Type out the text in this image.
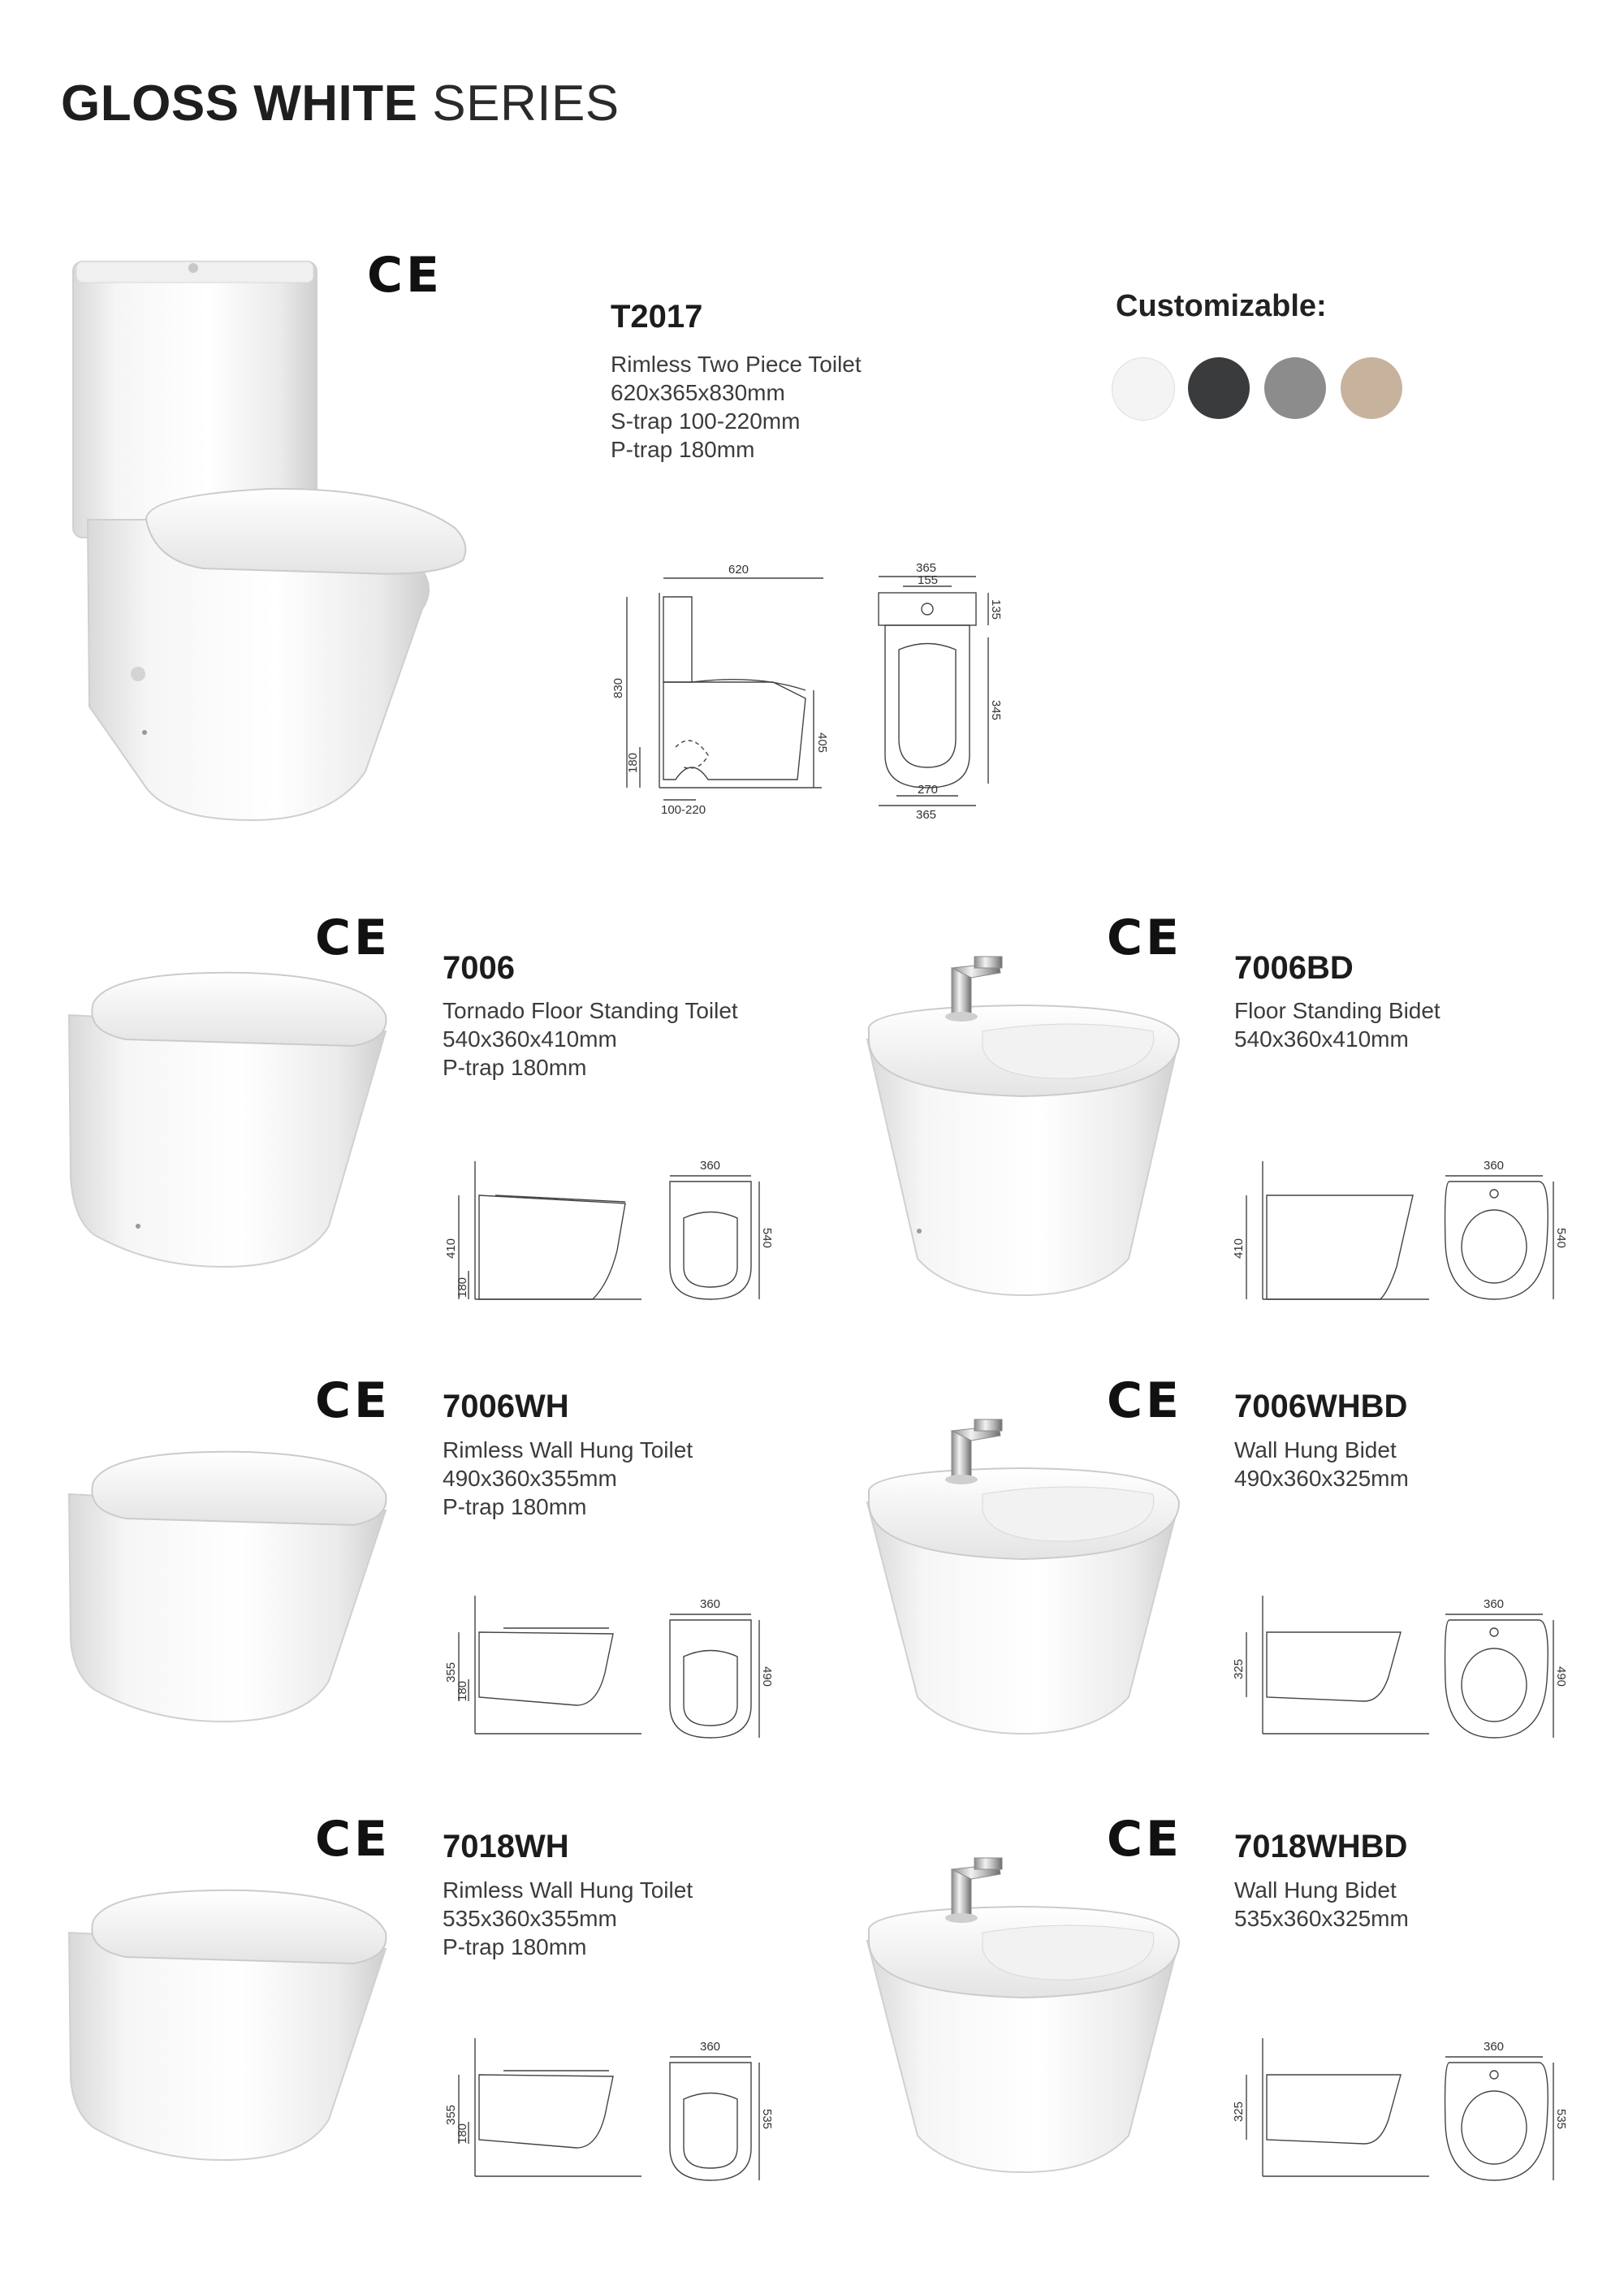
GLOSS WHITE SERIES
CE
T2017
Rimless Two Piece Toilet
620x365x830mm
S-trap 100-220mm
P-trap 180mm
Customizable:
620
830
180
100-220
405
365
155
135
345
270
365
CE
7006
Tornado Floor Standing Toilet
540x360x410mm
P-trap 180mm
360
410
180
540
CE
7006BD
Floor Standing Bidet
540x360x410mm
360
410
540
CE 7006WH
Rimless Wall Hung Toilet
490x360x355mm
P-trap 180mm
360
355
180
490
CE 7006WHBD
Wall Hung Bidet
490x360x325mm
360
325	490
CE 7018WH
Rimless Wall Hung Toilet
535x360x355mm
P-trap 180mm
360
355
180
535
CE 7018WHBD
Wall Hung Bidet
535x360x325mm
360
325	535
